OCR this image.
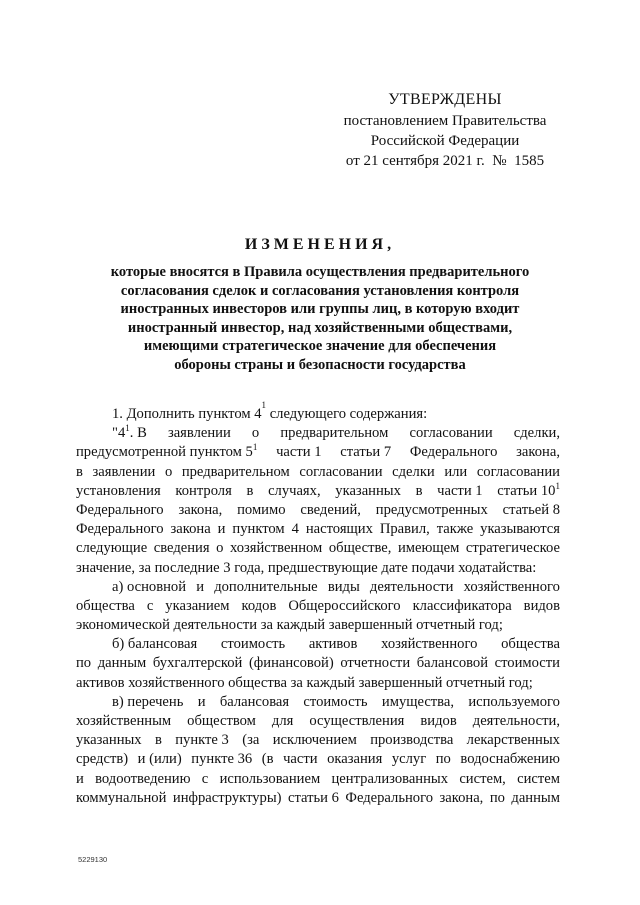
УТВЕРЖДЕНЫ
постановлением Правительства
Российской Федерации
от 21 сентября 2021 г.  №  1585
ИЗМЕНЕНИЯ,
которые вносятся в Правила осуществления предварительного
согласования сделок и согласования установления контроля
иностранных инвесторов или группы лиц, в которую входит
иностранный инвестор, над хозяйственными обществами,
имеющими стратегическое значение для обеспечения
обороны страны и безопасности государства
1. Дополнить пунктом 4
1
следующего содержания:
"$4^1$. В заявлении о предварительном согласовании сделки,
предусмотренной пунктом $5^1$ части 1 статьи 7 Федерального закона,
в заявлении о предварительном согласовании сделки или согласовании
установления контроля в случаях, указанных в части 1 статьи $10^1$
Федерального закона, помимо сведений, предусмотренных статьей 8
Федерального закона и пунктом 4 настоящих Правил, также указываются
следующие сведения о хозяйственном обществе, имеющем стратегическое
значение, за последние 3 года, предшествующие дате подачи ходатайства:
а) основной и дополнительные виды деятельности хозяйственного
общества с указанием кодов Общероссийского классификатора видов
экономической деятельности за каждый завершенный отчетный год;
б) балансовая стоимость активов хозяйственного общества
по данным бухгалтерской (финансовой) отчетности балансовой стоимости
активов хозяйственного общества за каждый завершенный отчетный год;
в) перечень и балансовая стоимость имущества, используемого
хозяйственным обществом для осуществления видов деятельности,
указанных в пункте 3 (за исключением производства лекарственных
средств) и (или) пункте 36 (в части оказания услуг по водоснабжению
и водоотведению с использованием централизованных систем, систем
коммунальной инфраструктуры) статьи 6 Федерального закона, по данным
5229130
